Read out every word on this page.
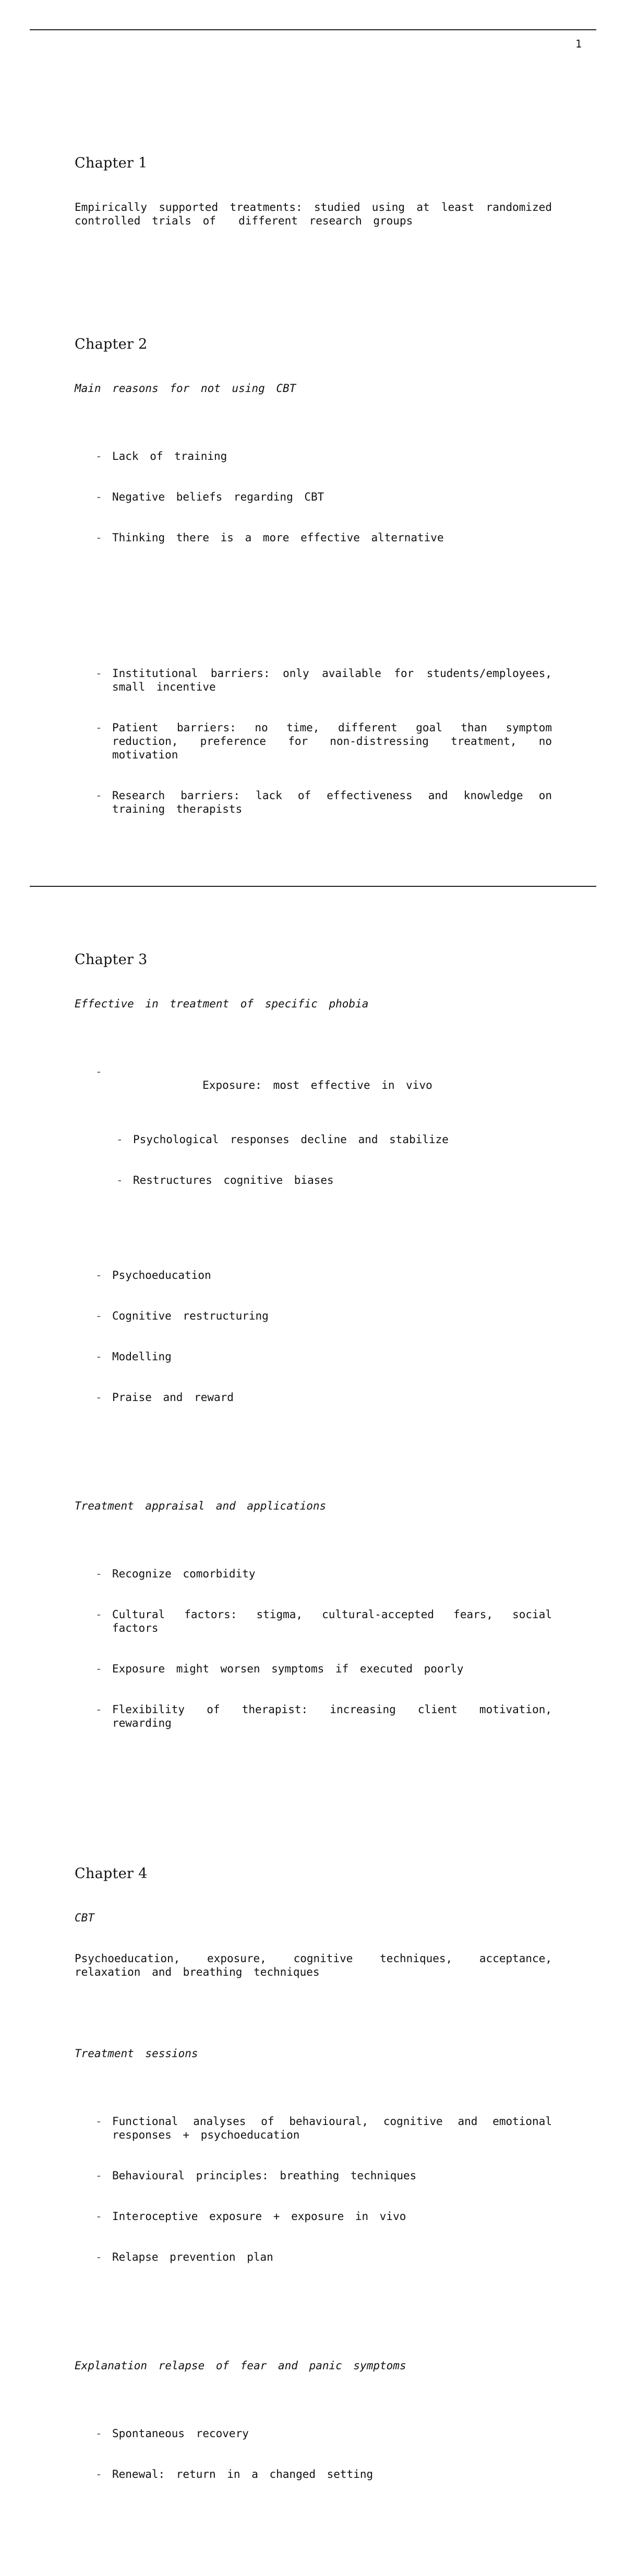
1

Chapter 1

Empirically supported treatments: studied using at least randomized controlled trials of  different research groups

Chapter 2

Main reasons for not using CBT

- Lack of training

- Negative beliefs regarding CBT

- Thinking there is a more effective alternative

- Institutional barriers: only available for students/employees, small incentive

- Patient barriers: no time, different goal than symptom reduction, preference for non-distressing treatment, no motivation

- Research barriers: lack of effectiveness and knowledge on training therapists

Chapter 3

Effective in treatment of specific phobia

- Exposure: most effective in vivo

- Psychological responses decline and stabilize

- Restructures cognitive biases

- Psychoeducation

- Cognitive restructuring

- Modelling

- Praise and reward

Treatment appraisal and applications

- Recognize comorbidity

- Cultural factors: stigma, cultural-accepted fears, social factors

- Exposure might worsen symptoms if executed poorly

- Flexibility of therapist: increasing client motivation, rewarding

Chapter 4

CBT

Psychoeducation, exposure, cognitive techniques, acceptance, relaxation and breathing techniques

Treatment sessions

- Functional analyses of behavioural, cognitive and emotional responses + psychoeducation

- Behavioural principles: breathing techniques

- Interoceptive exposure + exposure in vivo

- Relapse prevention plan

Explanation relapse of fear and panic symptoms

- Spontaneous recovery

- Renewal: return in a changed setting
